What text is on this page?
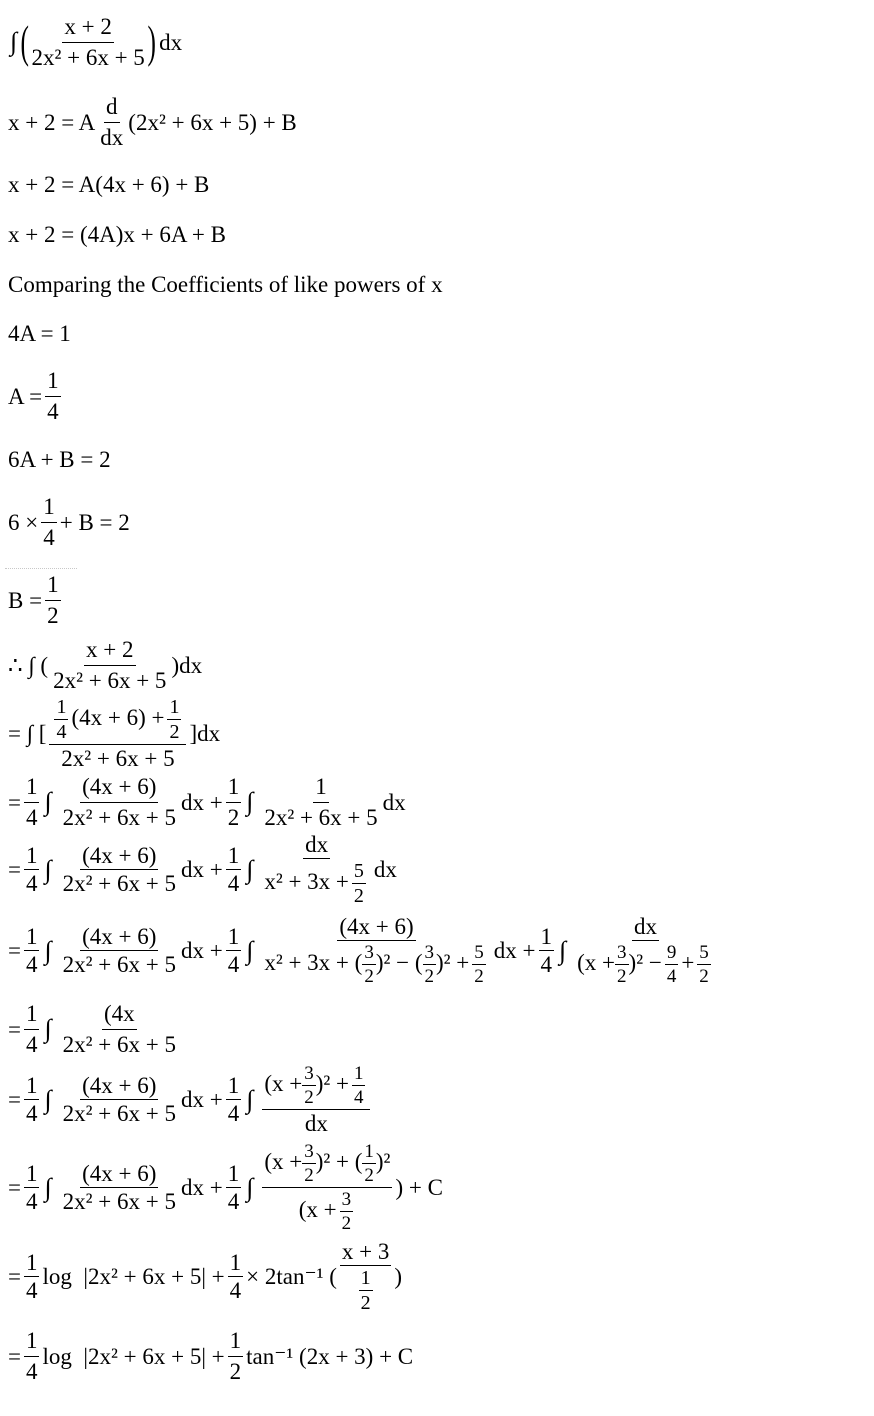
∫ ( $\frac{x + 2}{\text{2x² + 6x + 5}}$ ) dx
x + 2 = A $\frac{d}{dx} (2x^2 + 6x + 5) + B$
x + 2 = A(4x + 6) + B
x + 2 = (4A)x + 6A + B
Comparing the Coefficients of like powers of x
4A = 1
$A = \frac{1}{4}$
6A + B = 2
$6 \times \frac{1}{4} + B = 2$
$B = \frac{1}{2}$
∴ ∫ ( $\frac{x + 2}{\text{2x² + 6x + 5}} )dx$
= ∫ [ $\frac{\frac{1}{4} (4x + 6) + \frac{1}{2}}{\text{2x² + 6x + 5}} ]dx$
= $\frac{1}{4}$ ∫ $\frac{(4x + 6)}{\text{2x² + 6x + 5}}$ dx + $\frac{1}{2}$ ∫ $\frac{1}{\text{2x² + 6x + 5}}$ dx
= $\frac{1}{4}$ ∫ $\frac{(4x + 6)}{\text{2x² + 6x + 5}}$ dx + $\frac{1}{4}$ ∫ $\frac{dx}{x^2 + 3x + \frac{5}{2}}$ dx
= $\frac{1}{4}$ ∫ $\frac{(4x + 6)}{\text{2x² + 6x + 5}}$ dx + $\frac{1}{4}$ ∫ $\frac{(4x + 6)}{x^2 + 3x + ( \frac{3}{2} )^2 - ( \frac{3}{2} )^2 + \frac{5}{2}}$ dx + $\frac{1}{4}$ ∫ $\frac{dx}{(x + \frac{3}{2} )^2 - \frac{9}{4} + \frac{5}{2}}$
= $\frac{1}{4}$ ∫ $\frac{(4x}{\text{2x² + 6x + 5}}$
= $\frac{1}{4}$ ∫ $\frac{(4x + 6)}{\text{2x² + 6x + 5}}$ dx + $\frac{1}{4}$ ∫ $\frac{(x + \frac{3}{2} )^2 + \frac{1}{4}}{dx}$
= $\frac{1}{4}$ ∫ $\frac{(4x + 6)}{\text{2x² + 6x + 5}}$ dx + $\frac{1}{4}$ ∫ $\frac{(x + \frac{3}{2} )^2 + ( \frac{1}{2} )^2}{(x + \frac{3}{2}}$ ) + C
= $\frac{1}{4}$ $\log |2x^2 + 6x + 5| + \frac{1}{4} \times 2\tan^{-1}$ ( $\frac{x + 3}{\frac{1}{2}}$ )
= $\frac{1}{4}$ $\log |2x^2 + 6x + 5| + \frac{1}{2} \tan^{-1}$ (2x + 3) + C
